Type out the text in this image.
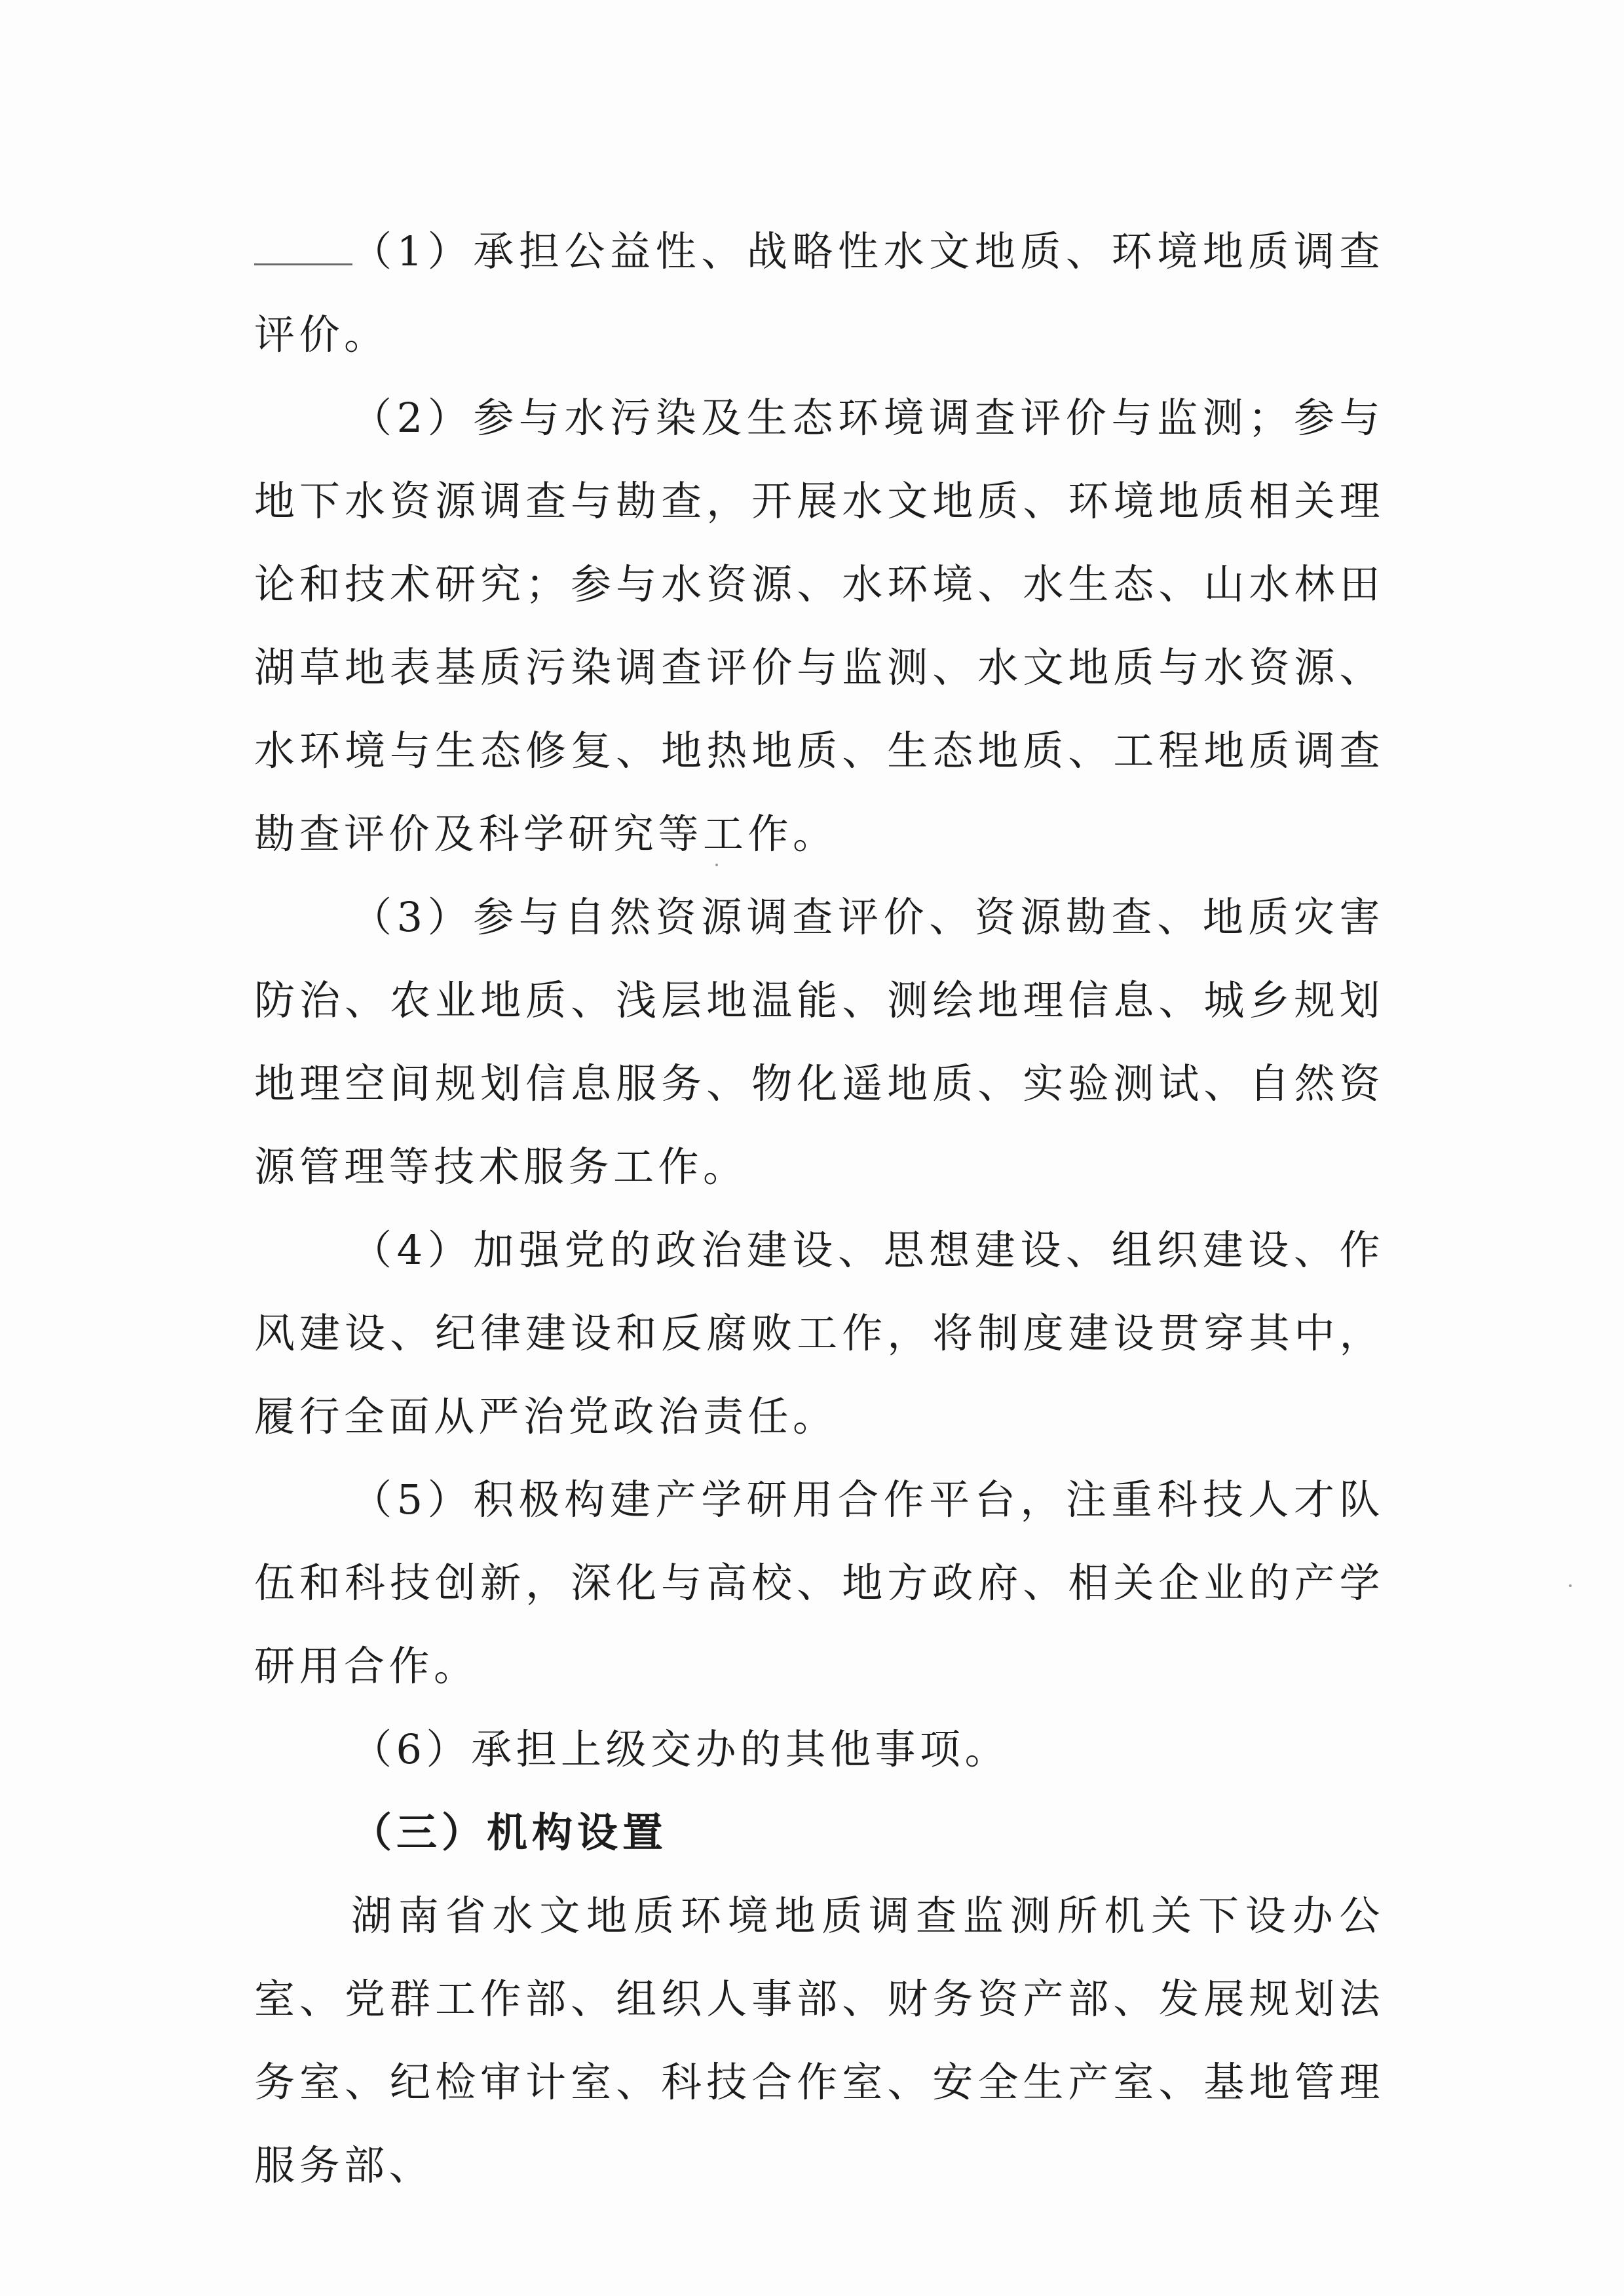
（1）承担公益性、战略性水文地质、环境地质调查评价。

（2）参与水污染及生态环境调查评价与监测；参与地下水资源调查与勘查，开展水文地质、环境地质相关理论和技术研究；参与水资源、水环境、水生态、山水林田湖草地表基质污染调查评价与监测、水文地质与水资源、水环境与生态修复、地热地质、生态地质、工程地质调查勘查评价及科学研究等工作。

（3）参与自然资源调查评价、资源勘查、地质灾害防治、农业地质、浅层地温能、测绘地理信息、城乡规划地理空间规划信息服务、物化遥地质、实验测试、自然资源管理等技术服务工作。

（4）加强党的政治建设、思想建设、组织建设、作风建设、纪律建设和反腐败工作，将制度建设贯穿其中，履行全面从严治党政治责任。

（5）积极构建产学研用合作平台，注重科技人才队伍和科技创新，深化与高校、地方政府、相关企业的产学研用合作。

（6）承担上级交办的其他事项。

（三）机构设置

湖南省水文地质环境地质调查监测所机关下设办公室、党群工作部、组织人事部、财务资产部、发展规划法务室、纪检审计室、科技合作室、安全生产室、基地管理服务部、
